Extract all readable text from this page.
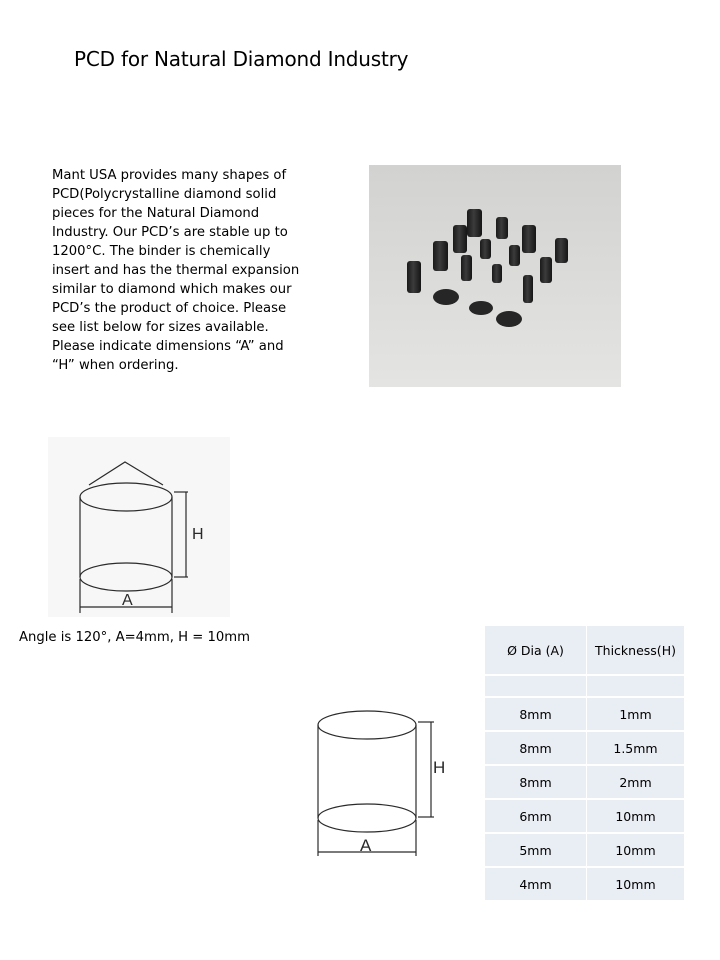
PCD for Natural Diamond Industry

Mant USA provides many shapes of

PCD(Polycrystalline diamond solid

pieces for the Natural Diamond

Industry. Our PCD’s are stable up to

1200°C. The binder is chemically

insert and has the thermal expansion

similar to diamond which makes our

PCD’s the product of choice. Please

see list below for sizes available.

Please indicate dimensions “A” and

“H” when ordering.

H
A
Angle is 120°, A=4mm, H = 10mm
H
A
Ø Dia (A)	Thickness(H)

8mm	1mm
8mm	1.5mm
8mm	2mm
6mm	10mm
5mm	10mm
4mm	10mm
